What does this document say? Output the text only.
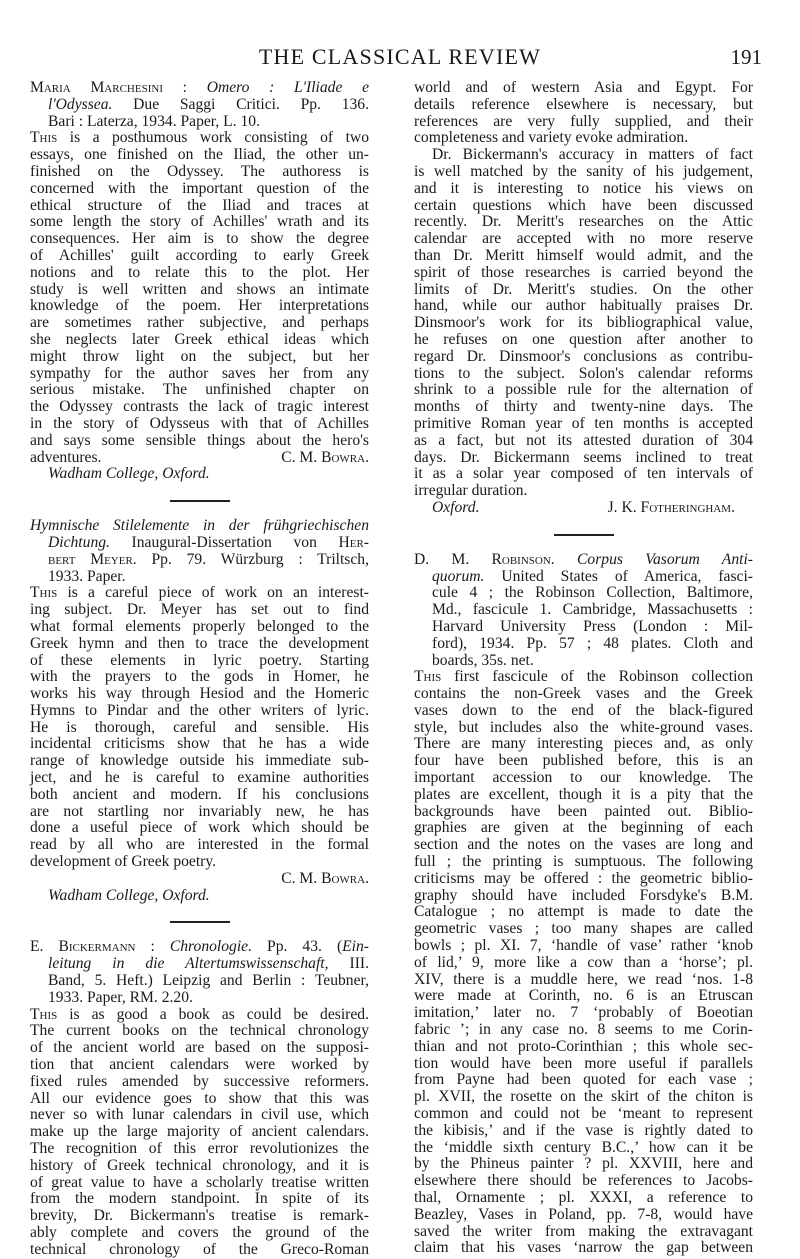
THE CLASSICAL REVIEW	191
Maria Marchesini : Omero : L'Iliade e
l'Odyssea. Due Saggi Critici. Pp. 136.
Bari : Laterza, 1934. Paper, L. 10.
This is a posthumous work consisting of two
essays, one finished on the Iliad, the other un-
finished on the Odyssey. The authoress is
concerned with the important question of the
ethical structure of the Iliad and traces at
some length the story of Achilles' wrath and its
consequences. Her aim is to show the degree
of Achilles' guilt according to early Greek
notions and to relate this to the plot. Her
study is well written and shows an intimate
knowledge of the poem. Her interpretations
are sometimes rather subjective, and perhaps
she neglects later Greek ethical ideas which
might throw light on the subject, but her
sympathy for the author saves her from any
serious mistake. The unfinished chapter on
the Odyssey contrasts the lack of tragic interest
in the story of Odysseus with that of Achilles
and says some sensible things about the hero's
adventures.	C. M. Bowra.
Wadham College, Oxford.
Hymnische Stilelemente in der frühgriechischen
Dichtung. Inaugural-Dissertation von Her-
bert Meyer. Pp. 79. Würzburg : Triltsch,
1933. Paper.
This is a careful piece of work on an interest-
ing subject. Dr. Meyer has set out to find
what formal elements properly belonged to the
Greek hymn and then to trace the development
of these elements in lyric poetry. Starting
with the prayers to the gods in Homer, he
works his way through Hesiod and the Homeric
Hymns to Pindar and the other writers of lyric.
He is thorough, careful and sensible. His
incidental criticisms show that he has a wide
range of knowledge outside his immediate sub-
ject, and he is careful to examine authorities
both ancient and modern. If his conclusions
are not startling nor invariably new, he has
done a useful piece of work which should be
read by all who are interested in the formal
development of Greek poetry.
C. M. Bowra.
Wadham College, Oxford.
E. Bickermann : Chronologie. Pp. 43. (Ein-
leitung in die Altertumswissenschaft, III.
Band, 5. Heft.) Leipzig and Berlin : Teubner,
1933. Paper, RM. 2.20.
This is as good a book as could be desired.
The current books on the technical chronology
of the ancient world are based on the supposi-
tion that ancient calendars were worked by
fixed rules amended by successive reformers.
All our evidence goes to show that this was
never so with lunar calendars in civil use, which
make up the large majority of ancient calendars.
The recognition of this error revolutionizes the
history of Greek technical chronology, and it is
of great value to have a scholarly treatise written
from the modern standpoint. In spite of its
brevity, Dr. Bickermann's treatise is remark-
ably complete and covers the ground of the
technical chronology of the Greco-Roman
world and of western Asia and Egypt. For
details reference elsewhere is necessary, but
references are very fully supplied, and their
completeness and variety evoke admiration.
Dr. Bickermann's accuracy in matters of fact
is well matched by the sanity of his judgement,
and it is interesting to notice his views on
certain questions which have been discussed
recently. Dr. Meritt's researches on the Attic
calendar are accepted with no more reserve
than Dr. Meritt himself would admit, and the
spirit of those researches is carried beyond the
limits of Dr. Meritt's studies. On the other
hand, while our author habitually praises Dr.
Dinsmoor's work for its bibliographical value,
he refuses on one question after another to
regard Dr. Dinsmoor's conclusions as contribu-
tions to the subject. Solon's calendar reforms
shrink to a possible rule for the alternation of
months of thirty and twenty-nine days. The
primitive Roman year of ten months is accepted
as a fact, but not its attested duration of 304
days. Dr. Bickermann seems inclined to treat
it as a solar year composed of ten intervals of
irregular duration.
Oxford.	J. K. Fotheringham.
D. M. Robinson. Corpus Vasorum Anti-
quorum. United States of America, fasci-
cule 4 ; the Robinson Collection, Baltimore,
Md., fascicule 1. Cambridge, Massachusetts :
Harvard University Press (London : Mil-
ford), 1934. Pp. 57 ; 48 plates. Cloth and
boards, 35s. net.
This first fascicule of the Robinson collection
contains the non-Greek vases and the Greek
vases down to the end of the black-figured
style, but includes also the white-ground vases.
There are many interesting pieces and, as only
four have been published before, this is an
important accession to our knowledge. The
plates are excellent, though it is a pity that the
backgrounds have been painted out. Biblio-
graphies are given at the beginning of each
section and the notes on the vases are long and
full ; the printing is sumptuous. The following
criticisms may be offered : the geometric biblio-
graphy should have included Forsdyke's B.M.
Catalogue ; no attempt is made to date the
geometric vases ; too many shapes are called
bowls ; pl. XI. 7, ‘handle of vase’ rather ‘knob
of lid,’ 9, more like a cow than a ‘horse’; pl.
XIV, there is a muddle here, we read ‘nos. 1-8
were made at Corinth, no. 6 is an Etruscan
imitation,’ later no. 7 ‘probably of Boeotian
fabric ’; in any case no. 8 seems to me Corin-
thian and not proto-Corinthian ; this whole sec-
tion would have been more useful if parallels
from Payne had been quoted for each vase ;
pl. XVII, the rosette on the skirt of the chiton is
common and could not be ‘meant to represent
the kibisis,’ and if the vase is rightly dated to
the ‘middle sixth century B.C.,’ how can it be
by the Phineus painter ? pl. XXVIII, here and
elsewhere there should be references to Jacobs-
thal, Ornamente ; pl. XXXI, a reference to
Beazley, Vases in Poland, pp. 7-8, would have
saved the writer from making the extravagant
claim that his vases ‘narrow the gap between
